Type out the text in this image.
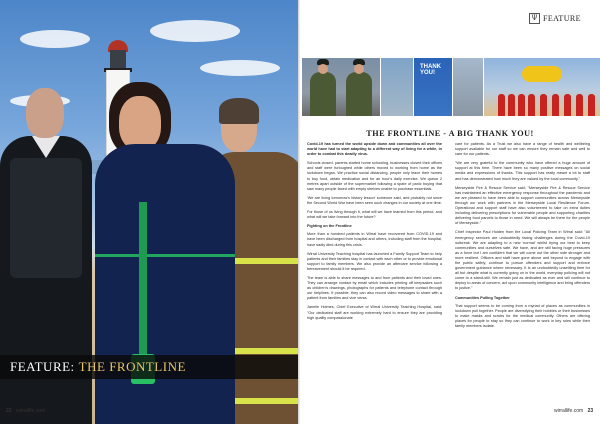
FEATURE: THE FRONTLINE
22 wirrallife.com
Ψ FEATURE
THANK YOU!
THE FRONTLINE - A BIG THANK YOU!

Covid-19 has turned the world upside down and communities all over the world have had to start adapting to a different way of living for a while, in order to combat this deadly virus.

Schools closed, parents started home schooling, businesses closed their offices and staff were furloughed while others moved to working from home as the lockdown began. We practice social distancing, people only leave their homes to buy food, obtain medication and for an hour's daily exercise. We queue 2 metres apart outside of the supermarket following a spate of panic buying that saw many people faced with empty shelves unable to purchase essentials.

'We are living tomorrow's history lesson' someone said, and probably not since the Second World War have been seen such changes in our society at one time.

For those of us living through it, what will we have learned from this period, and what will we take forward into the future?

Fighting on the Frontline

More than a hundred patients in Wirral have recovered from COVID-19 and have been discharged from hospital and others, including staff from the hospital, have sadly died during this crisis.

Wirral University Teaching hospital has launched a Family Support Team to help patients and their families stay in contact with each other or to provide emotional support to family members. We also provide an aftercare service following a bereavement should it be required.

The team is able to share messages to and from patients and their loved ones. They can arrange contact by email which includes printing off keepsakes such as children's drawings, photographs for patients and telephone contact through our helplines. If possible, they can also record video messages to share with a patient from families and vice versa.

Janelle Holmes, Chief Executive of Wirral University Teaching Hospital, said: "Our dedicated staff are working extremely hard to ensure they are providing high quality compassionate

care for patients. As a Trust we also have a range of health and wellbeing support available for our staff so we can ensure they remain safe and well to care for our patients.

"We are very grateful to the community who have offered a huge amount of support at this time. There have been so many positive messages on social media and expressions of thanks. This support has really meant a lot to staff and has demonstrated how much they are valued by the local community."

Merseyside Fire & Rescue Service said; "Merseyside Fire & Rescue Service has maintained an effective emergency response throughout the pandemic and we are pleased to have been able to support communities across Merseyside through our work with partners in the Merseyside Local Resilience Forum. Operational and support staff have also volunteered to take on extra duties including delivering prescriptions for vulnerable people and supporting charities delivering food parcels to those in need. We will always be there for the people of Merseyside."

Chief Inspector Paul Holden from the Local Policing Team in Wirral said: "All emergency services are undoubtedly facing challenges during the Covid-19 outbreak. We are adapting to a new 'normal' whilst trying our best to keep communities and ourselves safe. We have, and are still facing huge pressures as a force but I am confident that we will come out the other side stronger and more resilient. Officers and staff have gone above and beyond to engage with the public safely, continue to pursue offenders and support and enforce government guidance where necessary. It is an undoubtedly unsettling time for all but despite what is currently going on in the world, everyday policing will not come to a stand-still. We remain just as dedicated as ever and will continue to deploy to areas of concern, act upon community intelligence and bring offenders to justice."

Communities Pulling Together

That support seems to be coming from a myriad of places as communities in lockdown pull together. People are diversifying their hobbies or their businesses to make masks and scrubs for the medical community. Others are offering places for people to stay so they can continue to work in key roles while their family members isolate.

wirrallife.com 23
